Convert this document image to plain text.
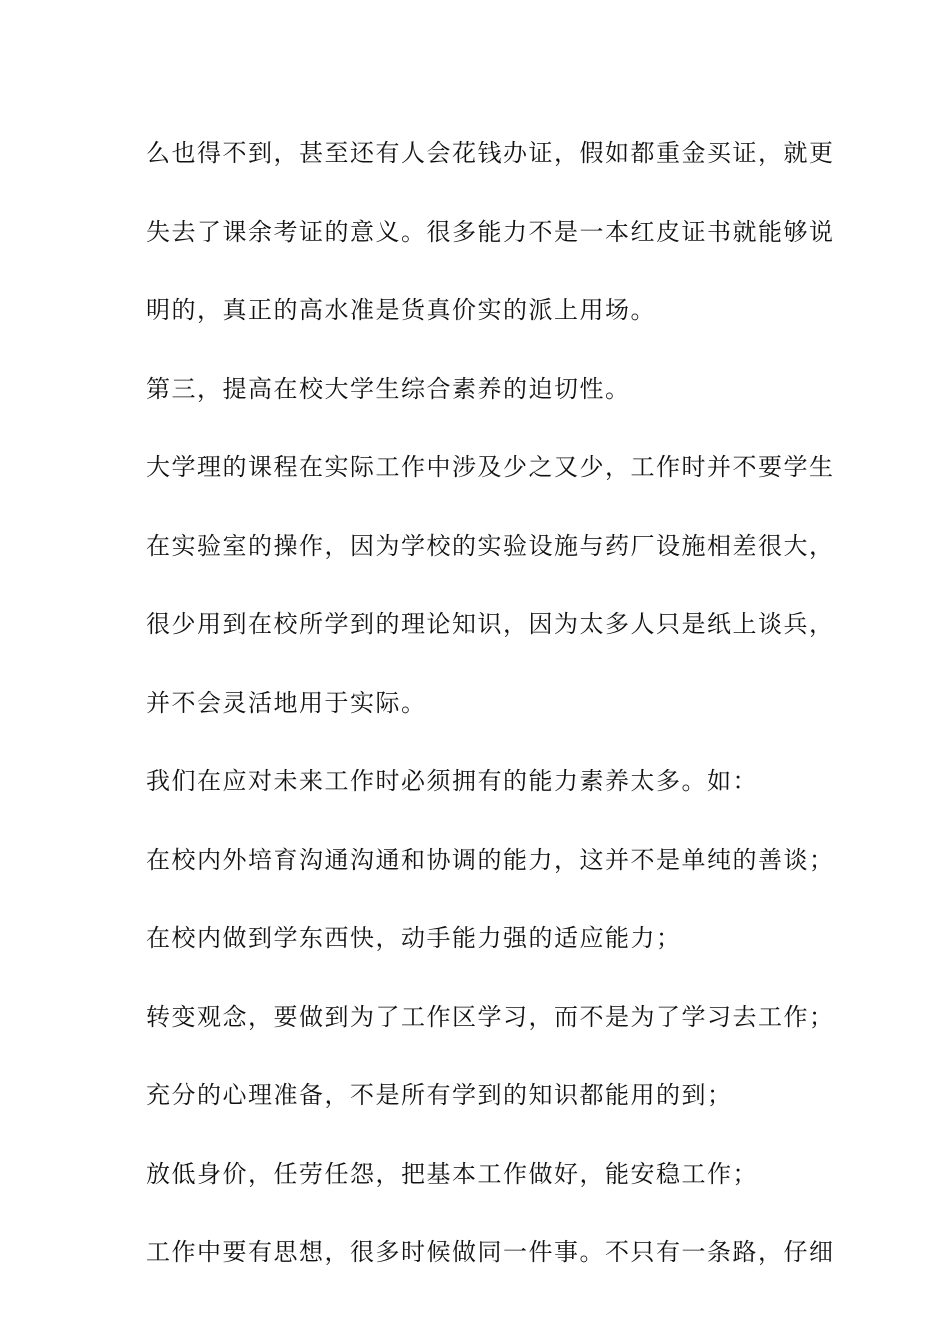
么也得不到，甚至还有人会花钱办证，假如都重金买证，就更
失去了课余考证的意义。很多能力不是一本红皮证书就能够说
明的，真正的高水准是货真价实的派上用场。
第三，提高在校大学生综合素养的迫切性。
大学理的课程在实际工作中涉及少之又少，工作时并不要学生
在实验室的操作，因为学校的实验设施与药厂设施相差很大，
很少用到在校所学到的理论知识，因为太多人只是纸上谈兵，
并不会灵活地用于实际。
我们在应对未来工作时必须拥有的能力素养太多。如：
在校内外培育沟通沟通和协调的能力，这并不是单纯的善谈；
在校内做到学东西快，动手能力强的适应能力；
转变观念，要做到为了工作区学习，而不是为了学习去工作；
充分的心理准备，不是所有学到的知识都能用的到；
放低身价，任劳任怨，把基本工作做好，能安稳工作；
工作中要有思想，很多时候做同一件事。不只有一条路，仔细
